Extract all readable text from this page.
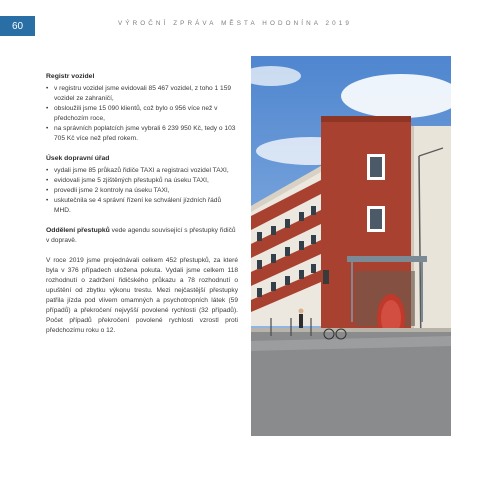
60	VÝROČNÍ ZPRÁVA MĚSTA HODONÍNA 2019
Registr vozidel
• v registru vozidel jsme evidovali 85 467 vozidel, z toho 1 159 vozidel ze zahraničí,
• obsloužili jsme 15 090 klientů, což bylo o 956 více než v předchozím roce,
• na správních poplatcích jsme vybrali 6 239 950 Kč, tedy o 103 705 Kč více než před rokem.
Úsek dopravní úřad
• vydali jsme 85 průkazů řidiče TAXI a registraci vozidel TAXI,
• evidovali jsme 5 zjištěných přestupků na úseku TAXI,
• provedli jsme 2 kontroly na úseku TAXI,
• uskutečnila se 4 správní řízení ke schválení jízdních řádů MHD.
Oddělení přestupků vede agendu související s přestupky řidičů v dopravě.

V roce 2019 jsme projednávali celkem 452 přestupků, za které byla v 376 případech uložena pokuta. Vydali jsme celkem 118 rozhodnutí o zadržení řidičského průkazu a 78 rozhodnutí o upuštění od zbytku výkonu trestu. Mezi nejčastější přestupky patřila jízda pod vlivem omamných a psychotropních látek (59 případů) a překročení nejvyšší povolené rychlosti (32 případů). Počet případů překročení povolené rychlosti vzrostl proti předchozímu roku o 12.
